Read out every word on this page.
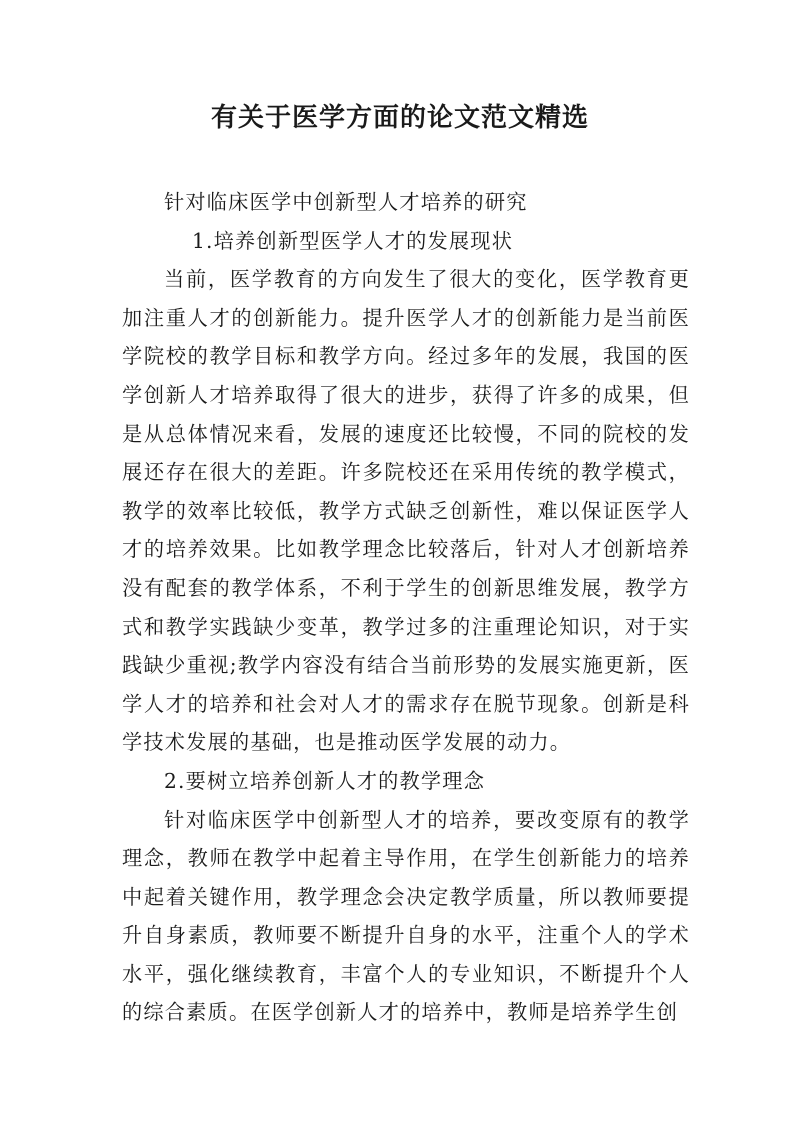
有关于医学方面的论文范文精选

针对临床医学中创新型人才培养的研究

1.培养创新型医学人才的发展现状

当前，医学教育的方向发生了很大的变化，医学教育更加注重人才的创新能力。提升医学人才的创新能力是当前医学院校的教学目标和教学方向。经过多年的发展，我国的医学创新人才培养取得了很大的进步，获得了许多的成果，但是从总体情况来看，发展的速度还比较慢，不同的院校的发展还存在很大的差距。许多院校还在采用传统的教学模式，教学的效率比较低，教学方式缺乏创新性，难以保证医学人才的培养效果。比如教学理念比较落后，针对人才创新培养没有配套的教学体系，不利于学生的创新思维发展，教学方式和教学实践缺少变革，教学过多的注重理论知识，对于实践缺少重视;教学内容没有结合当前形势的发展实施更新，医学人才的培养和社会对人才的需求存在脱节现象。创新是科学技术发展的基础，也是推动医学发展的动力。

2.要树立培养创新人才的教学理念

针对临床医学中创新型人才的培养，要改变原有的教学理念，教师在教学中起着主导作用，在学生创新能力的培养中起着关键作用，教学理念会决定教学质量，所以教师要提升自身素质，教师要不断提升自身的水平，注重个人的学术水平，强化继续教育，丰富个人的专业知识，不断提升个人的综合素质。在医学创新人才的培养中，教师是培养学生创
